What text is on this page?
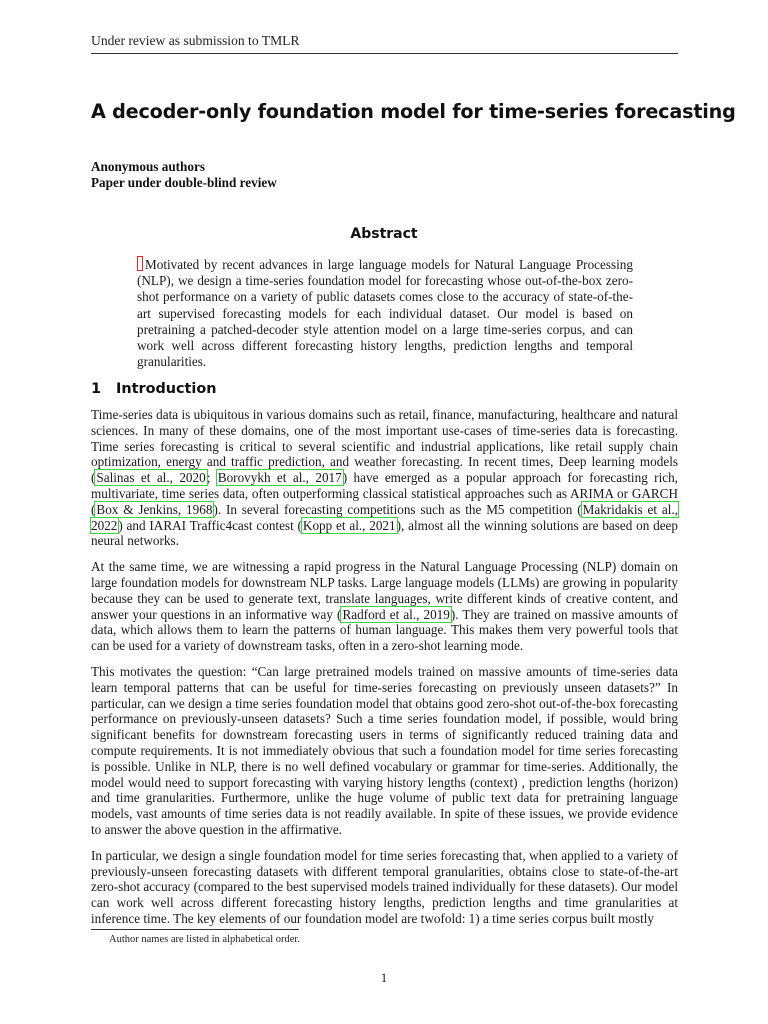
Under review as submission to TMLR
A decoder-only foundation model for time-series forecasting
Anonymous authors
Paper under double-blind review
Abstract
Motivated by recent advances in large language models for Natural Language Processing (NLP), we design a time-series foundation model for forecasting whose out-of-the-box zero-shot performance on a variety of public datasets comes close to the accuracy of state-of-the-art supervised forecasting models for each individual dataset. Our model is based on pretraining a patched-decoder style attention model on a large time-series corpus, and can work well across different forecasting history lengths, prediction lengths and temporal granularities.
1 Introduction

Time-series data is ubiquitous in various domains such as retail, finance, manufacturing, healthcare and natural sciences. In many of these domains, one of the most important use-cases of time-series data is forecasting. Time series forecasting is critical to several scientific and industrial applications, like retail supply chain optimization, energy and traffic prediction, and weather forecasting. In recent times, Deep learning models (Salinas et al., 2020; Borovykh et al., 2017) have emerged as a popular approach for forecasting rich, multivariate, time series data, often outperforming classical statistical approaches such as ARIMA or GARCH (Box & Jenkins, 1968). In several forecasting competitions such as the M5 competition (Makridakis et al., 2022) and IARAI Traffic4cast contest (Kopp et al., 2021), almost all the winning solutions are based on deep neural networks.

At the same time, we are witnessing a rapid progress in the Natural Language Processing (NLP) domain on large foundation models for downstream NLP tasks. Large language models (LLMs) are growing in popularity because they can be used to generate text, translate languages, write different kinds of creative content, and answer your questions in an informative way (Radford et al., 2019). They are trained on massive amounts of data, which allows them to learn the patterns of human language. This makes them very powerful tools that can be used for a variety of downstream tasks, often in a zero-shot learning mode.

This motivates the question: “Can large pretrained models trained on massive amounts of time-series data learn temporal patterns that can be useful for time-series forecasting on previously unseen datasets?” In particular, can we design a time series foundation model that obtains good zero-shot out-of-the-box forecasting performance on previously-unseen datasets? Such a time series foundation model, if possible, would bring significant benefits for downstream forecasting users in terms of significantly reduced training data and compute requirements. It is not immediately obvious that such a foundation model for time series forecasting is possible. Unlike in NLP, there is no well defined vocabulary or grammar for time-series. Additionally, the model would need to support forecasting with varying history lengths (context) , prediction lengths (horizon) and time granularities. Furthermore, unlike the huge volume of public text data for pretraining language models, vast amounts of time series data is not readily available. In spite of these issues, we provide evidence to answer the above question in the affirmative.

In particular, we design a single foundation model for time series forecasting that, when applied to a variety of previously-unseen forecasting datasets with different temporal granularities, obtains close to state-of-the-art zero-shot accuracy (compared to the best supervised models trained individually for these datasets). Our model can work well across different forecasting history lengths, prediction lengths and time granularities at inference time. The key elements of our foundation model are twofold: 1) a time series corpus built mostly

Author names are listed in alphabetical order.
1
